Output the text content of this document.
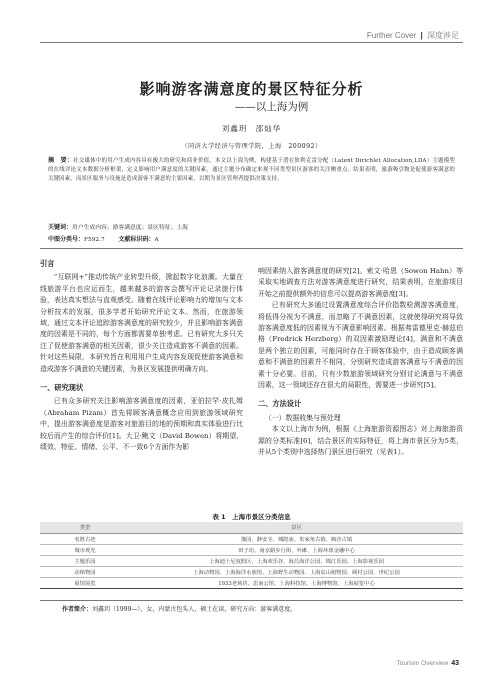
Further Cover | 深度涉足
影响游客满意度的景区特征分析
——以上海为例
刘鑫玥　邵灿华
（同济大学经济与管理学院，上海　200092）
摘　要：社交媒体中的用户生成内容具有极大的研究和商业价值。本文以上海为例，构建基于潜在狄利克雷分配（Latent Dirichlet Allocation,LDA）主题模型的在线评论文本数据分析框架，定义影响用户满意度的关键因素，通过主题分布确定来观不同类型景区游客的关注侧重点。结果表明，旅游吸引物是促使游客满意的关键因素，而景区服务与设施是造成游客不满意的主要因素，以期为景区管理者提供决策支持。
关键词：用户生成内容；游客满意度；景区特征；上海
中图分类号：F592.7 文献标识码：A
引言

“互联网+”推动传统产业转型升级，掀起数字化浪潮。大量在线旅游平台也应运而生，越来越多的游客会撰写评论记录旅行体验，表达真实想法与直观感受。随着在线评论影响力的增加与文本分析技术的发展，很多学者开始研究评论文本。然而，在旅游领域，通过文本评论追踪游客满意度的研究较少，并且影响游客满意度的因素是不同的，每个方面都需要单独考虑。已有研究大多只关注了促使游客满意的相关因素，很少关注造成游客不满意的因素。针对这些局限，本研究旨在利用用户生成内容发现促使游客满意和造成游客不满意的关键因素，为景区发展提供明确方向。

一、研究现状

已有众多研究关注影响游客满意度的因素，亚伯拉罕·皮扎姆（Abraham Pizam）首先将顾客满意概念应用到旅游领域研究中，提出游客满意度是游客对旅游目的地的预期和真实体验进行比较后而产生的综合评价[1]。大卫·鲍文（David Bowen）将期望、绩效、特征、情绪、公平、不一致6个方面作为影

响因素纳入游客满意度的研究[2]。索文·哈恩（Sowon Hahn）等采取实地调查方法对游客满意度进行研究，结果表明，在旅游项目开始之前提供额外的信息可以提高游客满意度[3]。

已有研究大多通过设置满意度综合评价指数检测游客满意度，将低得分视为不满意，而忽略了不满意因素，这就使得研究将导致游客满意度低的因素视为不满意影响因素。根据弗雷德里克·赫兹伯格（Fredrick Herzberg）的双因素激励理论[4]，满意和不满意是两个独立的因素，可能同时存在于顾客体验中，由于造成顾客满意和不满意的因素并不相同，分别研究造成游客满意与不满意的因素十分必要。目前，只有少数旅游领域研究分别讨论满意与不满意因素，这一领域还存在很大的局限性，需要进一步研究[5]。

二、方法设计
（一）数据收集与预处理

本文以上海市为例，根据《上海旅游资源图志》对上海旅游资源的分类标准[6]，结合景区的实际特征，将上海市景区分为5类，并从5个类别中选择热门景区进行研究（见表1）。

表 1　上海市景区分类信息
类型	景区
名胜古迹	豫园、静安寺、城隍庙、朱家角古镇、枫泾古镇
城市观光	田子坊、南京路步行街、外滩、上海环球金融中心
主题乐园	上海迪士尼度假区、上海欢乐谷、海昌海洋公园、锦江乐园、上海影视乐园
动植物园	上海动物园、上海海洋水族馆、上海野生动物园、上海辰山植物园、顾村公园、世纪公园
展馆展览	1933老场坊、思南公馆、上海科技馆、上海博物馆、上海展览中心
作者简介：刘鑫玥（1999—），女，内蒙古包头人，硕士在读，研究方向：游客满意度。
Tourism Overview 43
